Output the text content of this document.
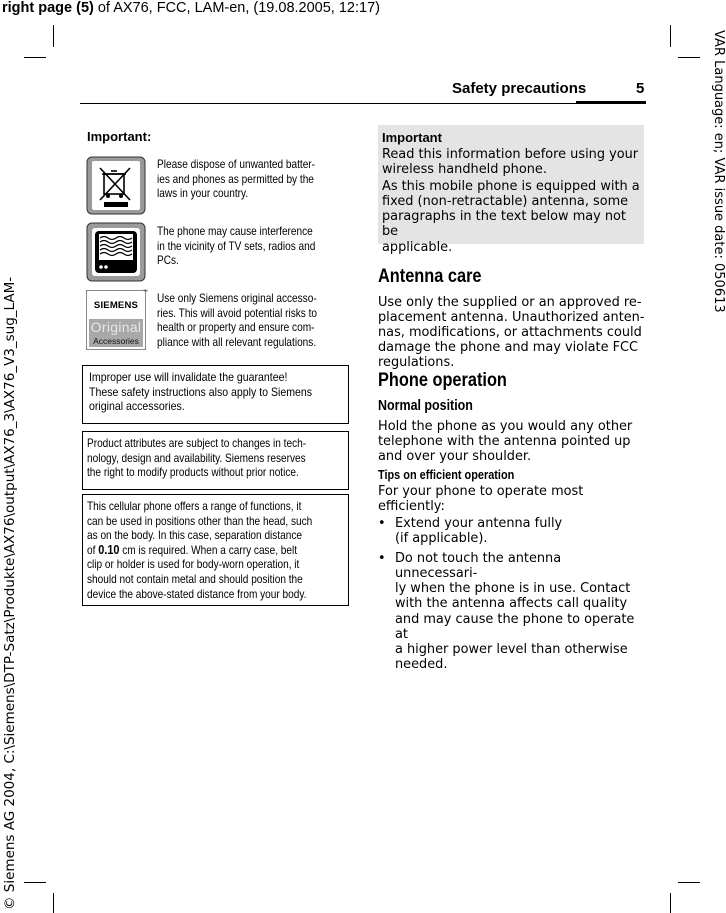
right page (5) of AX76, FCC, LAM-en, (19.08.2005, 12:17)
VAR Language: en; VAR issue date: 050613
© Siemens AG 2004, C:\Siemens\DTP-Satz\Produkte\AX76\output\AX76_3\AX76_V3_sug_LAM-
Safety precautions	5
Important:

Please dispose of unwanted batter-

ies and phones as permitted by the

laws in your country.

The phone may cause interference

in the vicinity of TV sets, radios and

PCs.

SIEMENS
Original
Accessories
™ Use only Siemens original accesso-

ries. This will avoid potential risks to

health or property and ensure com-

pliance with all relevant regulations.

Improper use will invalidate the guarantee!

These safety instructions also apply to Siemens

original accessories.

Product attributes are subject to changes in tech-

nology, design and availability. Siemens reserves

the right to modify products without prior notice.

This cellular phone offers a range of functions, it

can be used in positions other than the head, such

as on the body. In this case, separation distance

of 0.10 cm is required. When a carry case, belt

clip or holder is used for body-worn operation, it

should not contain metal and should position the

device the above-stated distance from your body.

Important

Read this information before using your

wireless handheld phone.

As this mobile phone is equipped with a

fixed (non-retractable) antenna, some

paragraphs in the text below may not be

applicable.

Antenna care

Use only the supplied or an approved re-

placement antenna. Unauthorized anten-

nas, modifications, or attachments could

damage the phone and may violate FCC

regulations.

Phone operation
Normal position

Hold the phone as you would any other

telephone with the antenna pointed up

and over your shoulder.

Tips on efficient operation

For your phone to operate most

efficiently:

• Extend your antenna fully

(if applicable).

• Do not touch the antenna unnecessari-

ly when the phone is in use. Contact

with the antenna affects call quality

and may cause the phone to operate at

a higher power level than otherwise

needed.
